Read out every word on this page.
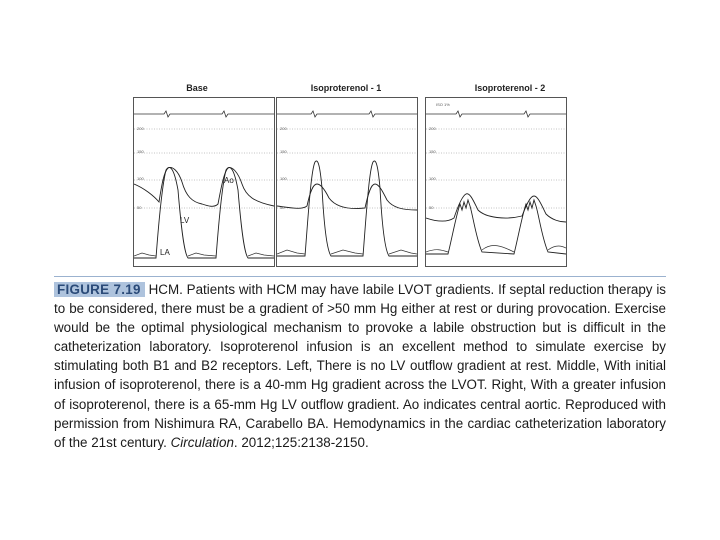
Base	Isoproterenol - 1	Isoproterenol - 2
200
150
100
50
Ao
LV
LA
200
150
100
50
200
150
100
50
ISO 1%
FIGURE 7.19 HCM. Patients with HCM may have labile LVOT gradients. If septal reduction therapy is to be considered, there must be a gradient of >50 mm Hg either at rest or during provocation. Exercise would be the optimal physiological mechanism to provoke a labile obstruction but is difficult in the catheterization laboratory. Isoproterenol infusion is an excellent method to simulate exercise by stimulating both B1 and B2 receptors. Left, There is no LV outflow gradient at rest. Middle, With initial infusion of isoproterenol, there is a 40-mm Hg gradient across the LVOT. Right, With a greater infusion of isoproterenol, there is a 65-mm Hg LV outflow gradient. Ao indicates central aortic. Reproduced with permission from Nishimura RA, Carabello BA. Hemodynamics in the cardiac catheterization laboratory of the 21st century. Circulation. 2012;125:2138-2150.
